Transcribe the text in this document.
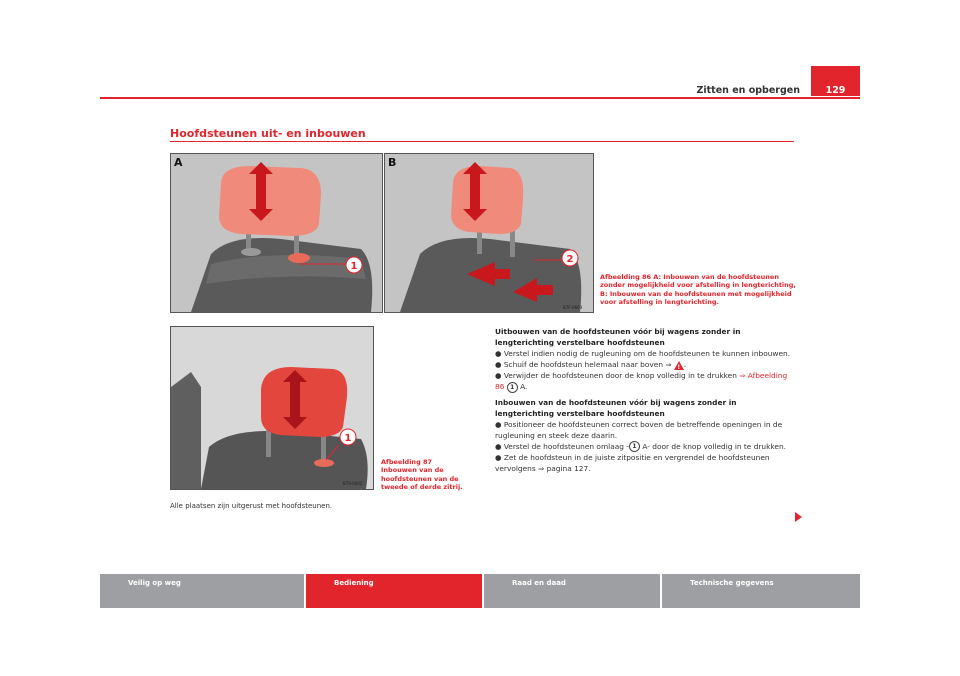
Zitten en opbergen	129
Hoofdsteunen uit- en inbouwen
1
A
2
B
B7F-0669
Afbeelding 86 A: Inbouwen van de hoofdsteunen zonder mogelijkheid voor afstelling in lengterichting, B: Inbouwen van de hoofdsteunen met mogelijkheid voor afstelling in lengterichting.
1
B7V-0442
Afbeelding 87 Inbouwen van de hoofdsteunen van de tweede of derde zitrij.
Alle plaatsen zijn uitgerust met hoofdsteunen.

Uitbouwen van de hoofdsteunen vóór bij wagens zonder in lengterichting verstelbare hoofdsteunen

● Verstel indien nodig de rugleuning om de hoofdsteunen te kunnen inbouwen.

● Schuif de hoofdsteun helemaal naar boven ⇒ ! .

● Verwijder de hoofdsteunen door de knop volledig in te drukken ⇒ Afbeelding 86 1 A.

Inbouwen van de hoofdsteunen vóór bij wagens zonder in lengterichting verstelbare hoofdsteunen

● Positioneer de hoofdsteunen correct boven de betreffende openingen in de rugleuning en steek deze daarin.

● Verstel de hoofdsteunen omlaag - 1 A- door de knop volledig in te drukken.

● Zet de hoofdsteun in de juiste zitpositie en vergrendel de hoofdsteunen vervolgens ⇒ pagina 127.

Veilig op weg	Bediening	Raad en daad	Technische gegevens
